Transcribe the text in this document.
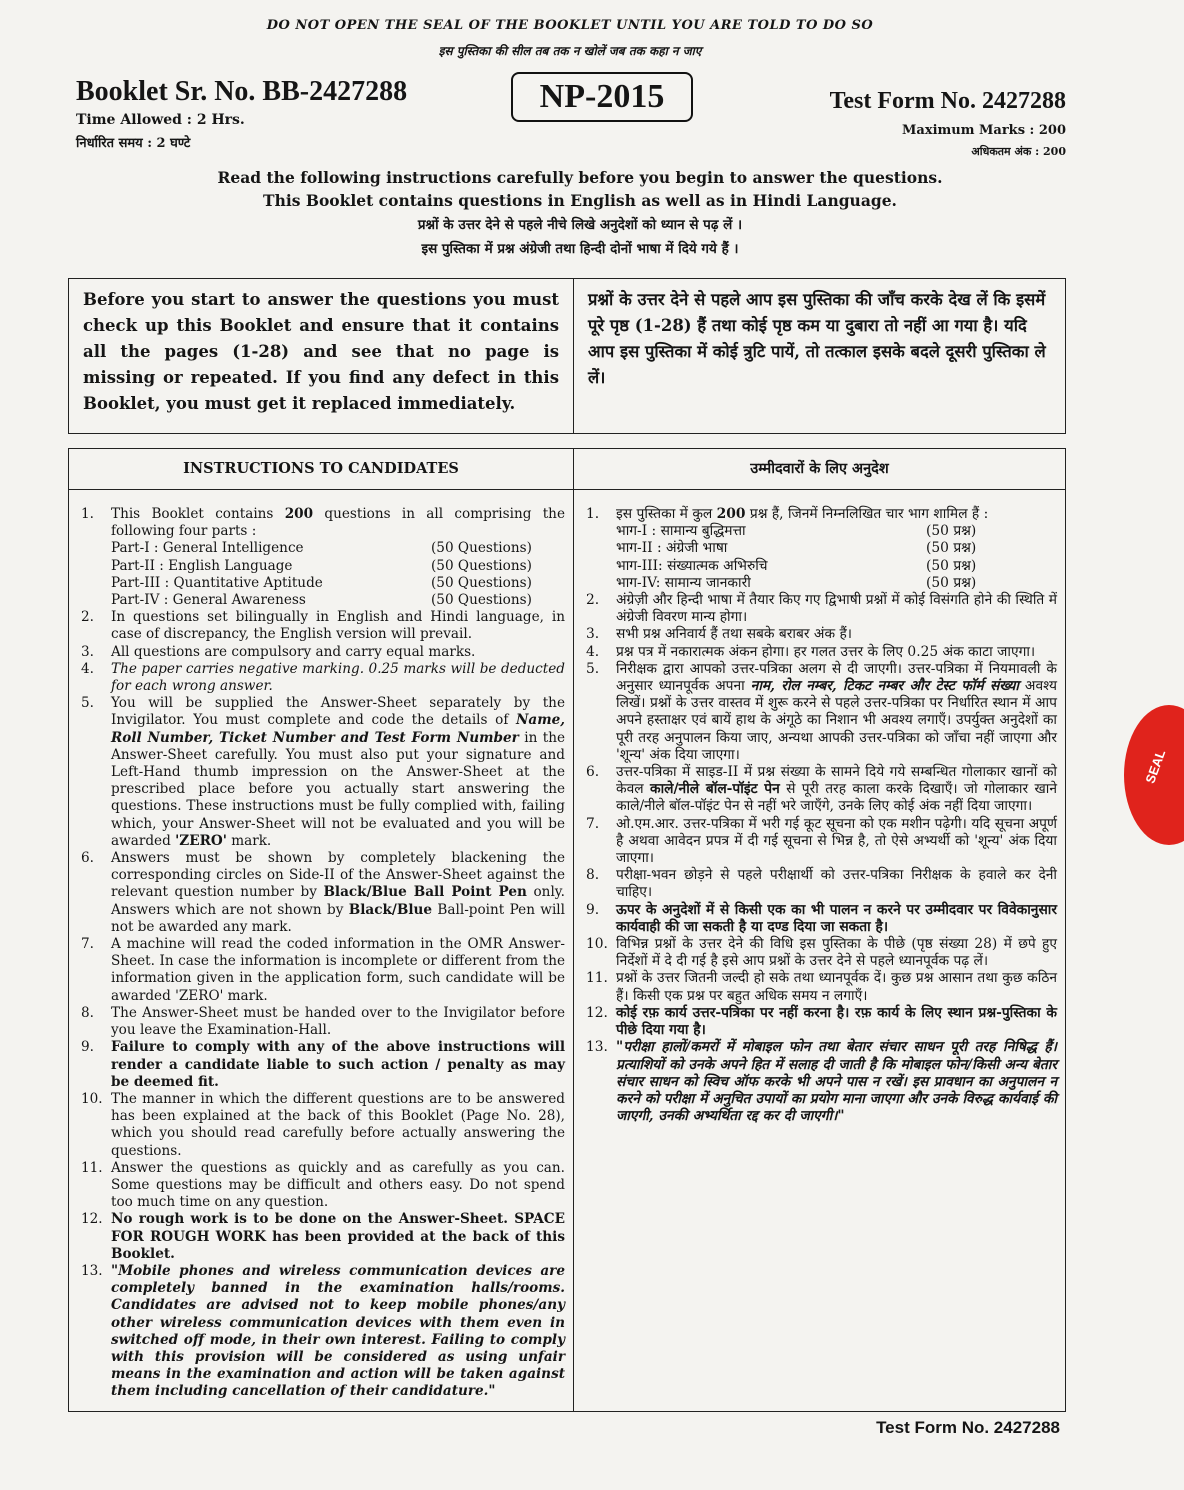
DO NOT OPEN THE SEAL OF THE BOOKLET UNTIL YOU ARE TOLD TO DO SO
इस पुस्तिका की सील तब तक न खोलें जब तक कहा न जाए
Booklet Sr. No. BB-2427288
Time Allowed : 2 Hrs.
निर्धारित समय : 2 घण्टे
NP-2015	Test Form No. 2427288
Maximum Marks : 200
अधिकतम अंक : 200
Read the following instructions carefully before you begin to answer the questions.
This Booklet contains questions in English as well as in Hindi Language.
प्रश्नों के उत्तर देने से पहले नीचे लिखे अनुदेशों को ध्यान से पढ़ लें ।
इस पुस्तिका में प्रश्न अंग्रेजी तथा हिन्दी दोनों भाषा में दिये गये हैं ।
Before you start to answer the questions you must check up this Booklet and ensure that it contains all the pages (1-28) and see that no page is missing or repeated. If you find any defect in this Booklet, you must get it replaced immediately.
प्रश्नों के उत्तर देने से पहले आप इस पुस्तिका की जाँच करके देख लें कि इसमें पूरे पृष्ठ (1-28) हैं तथा कोई पृष्ठ कम या दुबारा तो नहीं आ गया है। यदि आप इस पुस्तिका में कोई त्रुटि पायें, तो तत्काल इसके बदले दूसरी पुस्तिका ले लें।
INSTRUCTIONS TO CANDIDATES
1.	This Booklet contains 200 questions in all comprising the following four parts :
Part-I : General Intelligence	(50 Questions)
Part-II : English Language	(50 Questions)
Part-III : Quantitative Aptitude	(50 Questions)
Part-IV : General Awareness	(50 Questions)
2.	In questions set bilingually in English and Hindi language, in case of discrepancy, the English version will prevail.
3.	All questions are compulsory and carry equal marks.
4.	The paper carries negative marking. 0.25 marks will be deducted for each wrong answer.
5.	You will be supplied the Answer-Sheet separately by the Invigilator. You must complete and code the details of Name, Roll Number, Ticket Number and Test Form Number in the Answer-Sheet carefully. You must also put your signature and Left-Hand thumb impression on the Answer-Sheet at the prescribed place before you actually start answering the questions. These instructions must be fully complied with, failing which, your Answer-Sheet will not be evaluated and you will be awarded 'ZERO' mark.
6.	Answers must be shown by completely blackening the corresponding circles on Side-II of the Answer-Sheet against the relevant question number by Black/Blue Ball Point Pen only. Answers which are not shown by Black/Blue Ball-point Pen will not be awarded any mark.
7.	A machine will read the coded information in the OMR Answer-Sheet. In case the information is incomplete or different from the information given in the application form, such candidate will be awarded 'ZERO' mark.
8.	The Answer-Sheet must be handed over to the Invigilator before you leave the Examination-Hall.
9.	Failure to comply with any of the above instructions will render a candidate liable to such action / penalty as may be deemed fit.
10. The manner in which the different questions are to be answered has been explained at the back of this Booklet (Page No. 28), which you should read carefully before actually answering the questions.
11. Answer the questions as quickly and as carefully as you can. Some questions may be difficult and others easy. Do not spend too much time on any question.
12. No rough work is to be done on the Answer-Sheet. SPACE FOR ROUGH WORK has been provided at the back of this Booklet.
13. "Mobile phones and wireless communication devices are completely banned in the examination halls/rooms. Candidates are advised not to keep mobile phones/any other wireless communication devices with them even in switched off mode, in their own interest. Failing to comply with this provision will be considered as using unfair means in the examination and action will be taken against them including cancellation of their candidature."
उम्मीदवारों के लिए अनुदेश
1.	इस पुस्तिका में कुल 200 प्रश्न हैं, जिनमें निम्नलिखित चार भाग शामिल हैं :
भाग-I : सामान्य बुद्धिमत्ता	(50 प्रश्न)
भाग-II : अंग्रेजी भाषा	(50 प्रश्न)
भाग-III: संख्यात्मक अभिरुचि	(50 प्रश्न)
भाग-IV: सामान्य जानकारी	(50 प्रश्न)
2.	अंग्रेज़ी और हिन्दी भाषा में तैयार किए गए द्विभाषी प्रश्नों में कोई विसंगति होने की स्थिति में अंग्रेजी विवरण मान्य होगा।
3.	सभी प्रश्न अनिवार्य हैं तथा सबके बराबर अंक हैं।
4.	प्रश्न पत्र में नकारात्मक अंकन होगा। हर गलत उत्तर के लिए 0.25 अंक काटा जाएगा।
5.	निरीक्षक द्वारा आपको उत्तर-पत्रिका अलग से दी जाएगी। उत्तर-पत्रिका में नियमावली के अनुसार ध्यानपूर्वक अपना नाम, रोल नम्बर, टिकट नम्बर और टेस्ट फॉर्म संख्या अवश्य लिखें। प्रश्नों के उत्तर वास्तव में शुरू करने से पहले उत्तर-पत्रिका पर निर्धारित स्थान में आप अपने हस्ताक्षर एवं बायें हाथ के अंगूठे का निशान भी अवश्य लगाएँ। उपर्युक्त अनुदेशों का पूरी तरह अनुपालन किया जाए, अन्यथा आपकी उत्तर-पत्रिका को जाँचा नहीं जाएगा और 'शून्य' अंक दिया जाएगा।
6.	उत्तर-पत्रिका में साइड-II में प्रश्न संख्या के सामने दिये गये सम्बन्धित गोलाकार खानों को केवल काले/नीले बॉल-पॉइंट पेन से पूरी तरह काला करके दिखाएँ। जो गोलाकार खाने काले/नीले बॉल-पॉइंट पेन से नहीं भरे जाएँगे, उनके लिए कोई अंक नहीं दिया जाएगा।
7.	ओ.एम.आर. उत्तर-पत्रिका में भरी गई कूट सूचना को एक मशीन पढ़ेगी। यदि सूचना अपूर्ण है अथवा आवेदन प्रपत्र में दी गई सूचना से भिन्न है, तो ऐसे अभ्यर्थी को 'शून्य' अंक दिया जाएगा।
8.	परीक्षा-भवन छोड़ने से पहले परीक्षार्थी को उत्तर-पत्रिका निरीक्षक के हवाले कर देनी चाहिए।
9.	ऊपर के अनुदेशों में से किसी एक का भी पालन न करने पर उम्मीदवार पर विवेकानुसार कार्यवाही की जा सकती है या दण्ड दिया जा सकता है।
10. विभिन्न प्रश्नों के उत्तर देने की विधि इस पुस्तिका के पीछे (पृष्ठ संख्या 28) में छपे हुए निर्देशों में दे दी गई है इसे आप प्रश्नों के उत्तर देने से पहले ध्यानपूर्वक पढ़ लें।
11. प्रश्नों के उत्तर जितनी जल्दी हो सके तथा ध्यानपूर्वक दें। कुछ प्रश्न आसान तथा कुछ कठिन हैं। किसी एक प्रश्न पर बहुत अधिक समय न लगाएँ।
12. कोई रफ़ कार्य उत्तर-पत्रिका पर नहीं करना है। रफ़ कार्य के लिए स्थान प्रश्न-पुस्तिका के पीछे दिया गया है।
13. "परीक्षा हालों/कमरों में मोबाइल फोन तथा बेतार संचार साधन पूरी तरह निषिद्ध हैं। प्रत्याशियों को उनके अपने हित में सलाह दी जाती है कि मोबाइल फोन/किसी अन्य बेतार संचार साधन को स्विच ऑफ करके भी अपने पास न रखें। इस प्रावधान का अनुपालन न करने को परीक्षा में अनुचित उपायों का प्रयोग माना जाएगा और उनके विरुद्ध कार्यवाई की जाएगी, उनकी अभ्यर्थिता रद्द कर दी जाएगी।"
SEAL
Test Form No. 2427288
